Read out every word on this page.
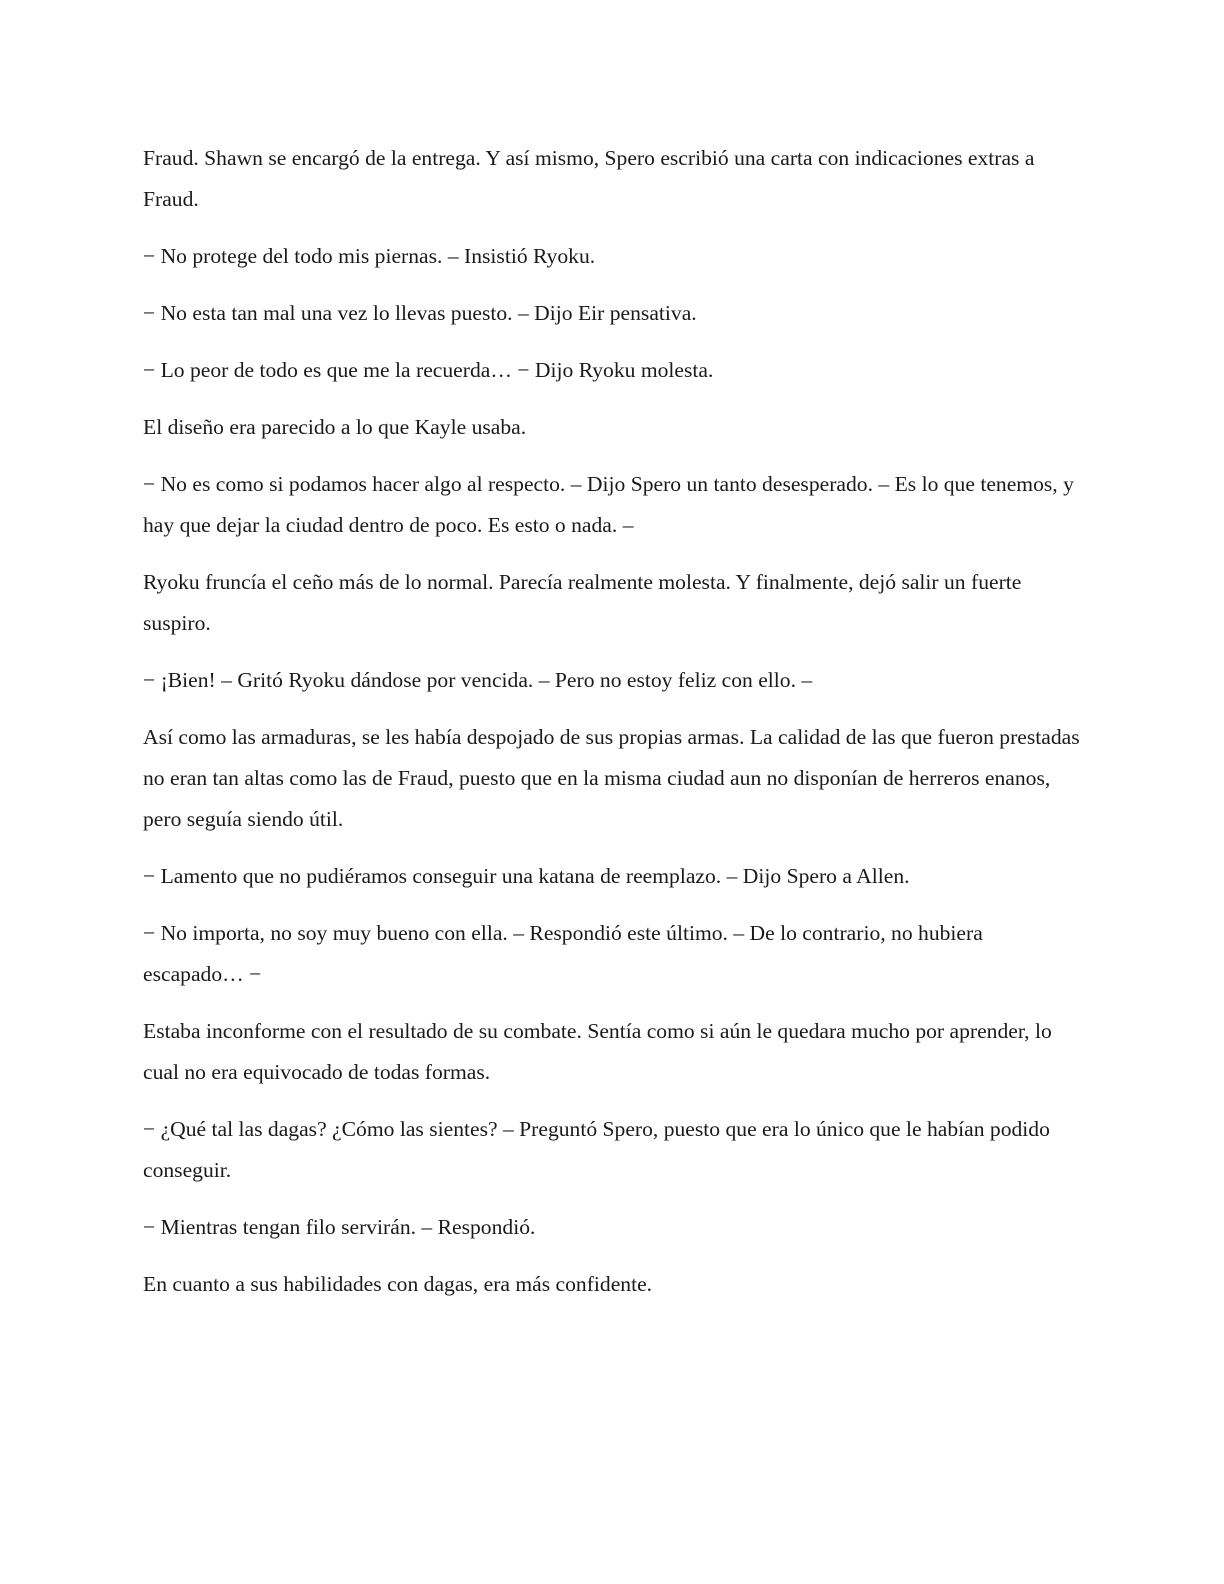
Fraud. Shawn se encargó de la entrega. Y así mismo, Spero escribió una carta con indicaciones extras a Fraud.

− No protege del todo mis piernas. – Insistió Ryoku.

− No esta tan mal una vez lo llevas puesto. – Dijo Eir pensativa.

− Lo peor de todo es que me la recuerda… − Dijo Ryoku molesta.

El diseño era parecido a lo que Kayle usaba.

− No es como si podamos hacer algo al respecto. – Dijo Spero un tanto desesperado. – Es lo que tenemos, y hay que dejar la ciudad dentro de poco. Es esto o nada. –

Ryoku fruncía el ceño más de lo normal. Parecía realmente molesta. Y finalmente, dejó salir un fuerte suspiro.

− ¡Bien! – Gritó Ryoku dándose por vencida. – Pero no estoy feliz con ello. –

Así como las armaduras, se les había despojado de sus propias armas. La calidad de las que fueron prestadas no eran tan altas como las de Fraud, puesto que en la misma ciudad aun no disponían de herreros enanos, pero seguía siendo útil.

− Lamento que no pudiéramos conseguir una katana de reemplazo. – Dijo Spero a Allen.

− No importa, no soy muy bueno con ella. – Respondió este último. – De lo contrario, no hubiera escapado… −

Estaba inconforme con el resultado de su combate. Sentía como si aún le quedara mucho por aprender, lo cual no era equivocado de todas formas.

− ¿Qué tal las dagas? ¿Cómo las sientes? – Preguntó Spero, puesto que era lo único que le habían podido conseguir.

− Mientras tengan filo servirán. – Respondió.

En cuanto a sus habilidades con dagas, era más confidente.
